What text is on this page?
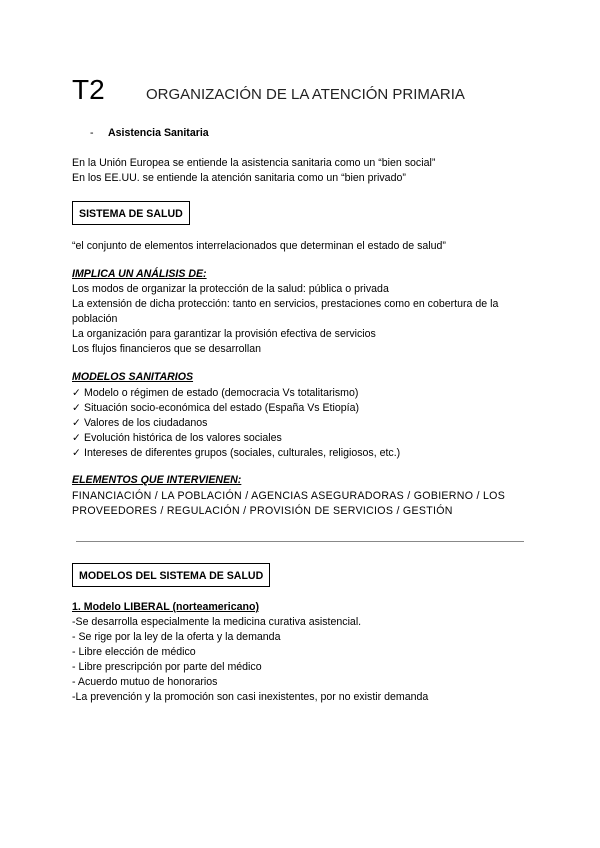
T2	ORGANIZACIÓN DE LA ATENCIÓN PRIMARIA
- Asistencia Sanitaria
En la Unión Europea se entiende la asistencia sanitaria como un “bien social”
En los EE.UU. se entiende la atención sanitaria como un “bien privado”
SISTEMA DE SALUD
“el conjunto de elementos interrelacionados que determinan el estado de salud”
IMPLICA UN ANÁLISIS DE:
Los modos de organizar la protección de la salud: pública o privada
La extensión de dicha protección: tanto en servicios, prestaciones como en cobertura de la
población
La organización para garantizar la provisión efectiva de servicios
Los flujos financieros que se desarrollan
MODELOS SANITARIOS
✓ Modelo o régimen de estado (democracia Vs totalitarismo)
✓ Situación socio-económica del estado (España Vs Etiopía)
✓ Valores de los ciudadanos
✓ Evolución histórica de los valores sociales
✓ Intereses de diferentes grupos (sociales, culturales, religiosos, etc.)
ELEMENTOS QUE INTERVIENEN:
FINANCIACIÓN / LA POBLACIÓN / AGENCIAS ASEGURADORAS / GOBIERNO / LOS
PROVEEDORES / REGULACIÓN / PROVISIÓN DE SERVICIOS / GESTIÓN
MODELOS DEL SISTEMA DE SALUD
1. Modelo LIBERAL (norteamericano)
-Se desarrolla especialmente la medicina curativa asistencial.
- Se rige por la ley de la oferta y la demanda
- Libre elección de médico
- Libre prescripción por parte del médico
- Acuerdo mutuo de honorarios
-La prevención y la promoción son casi inexistentes, por no existir demanda
